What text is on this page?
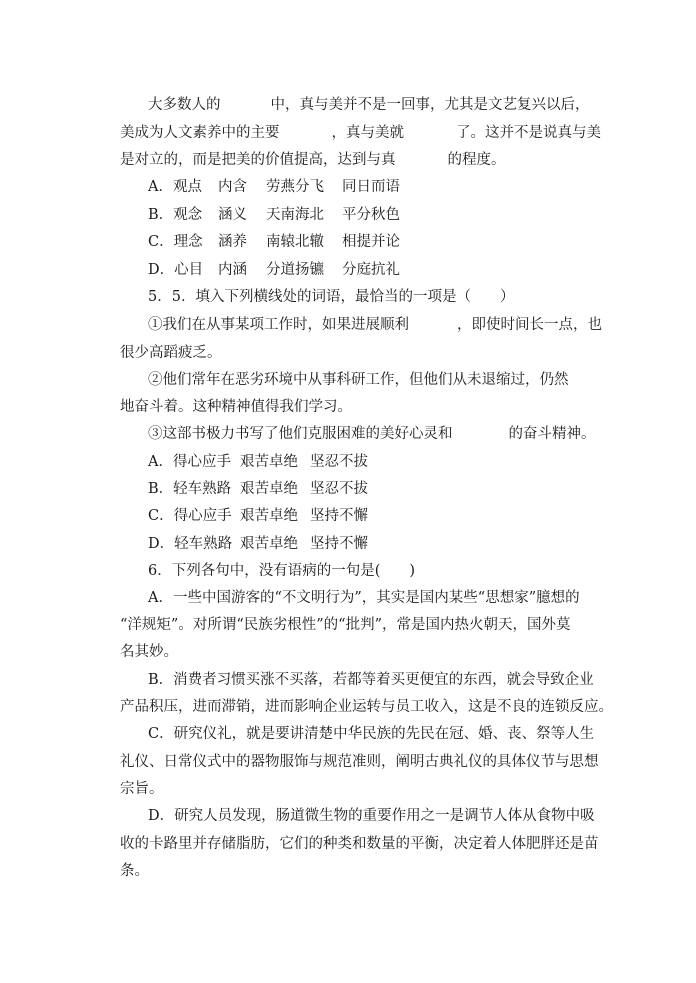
大多数人的	中，真与美并不是一回事，尤其是文艺复兴以后，
美成为人文素养中的主要	，真与美就	了。这并不是说真与美
是对立的，而是把美的价值提高，达到与真	的程度。
A．观点 内含 劳燕分飞 同日而语
B．观念 涵义 天南海北 平分秋色
C．理念 涵养 南辕北辙 相提并论
D．心目 内涵 分道扬镳 分庭抗礼
5．5．填入下列横线处的词语，最恰当的一项是（　　）
①我们在从事某项工作时，如果进展顺利	，即使时间长一点，也
很少高蹈疲乏。
②他们常年在恶劣环境中从事科研工作，但他们从未退缩过，仍然
地奋斗着。这种精神值得我们学习。
③这部书极力书写了他们克服困难的美好心灵和	的奋斗精神。
A．得心应手 艰苦卓绝 坚忍不拔
B．轻车熟路 艰苦卓绝 坚忍不拔
C．得心应手 艰苦卓绝 坚持不懈
D．轻车熟路 艰苦卓绝 坚持不懈
6．下列各句中，没有语病的一句是(　　)
A．一些中国游客的“不文明行为”，其实是国内某些“思想家”臆想的
“洋规矩”。对所谓“民族劣根性”的“批判”，常是国内热火朝天，国外莫
名其妙。
B．消费者习惯买涨不买落，若都等着买更便宜的东西，就会导致企业
产品积压，进而滞销，进而影响企业运转与员工收入，这是不良的连锁反应。
C．研究仪礼，就是要讲清楚中华民族的先民在冠、婚、丧、祭等人生
礼仪、日常仪式中的器物服饰与规范准则，阐明古典礼仪的具体仪节与思想
宗旨。
D．研究人员发现，肠道微生物的重要作用之一是调节人体从食物中吸
收的卡路里并存储脂肪，它们的种类和数量的平衡，决定着人体肥胖还是苗
条。
